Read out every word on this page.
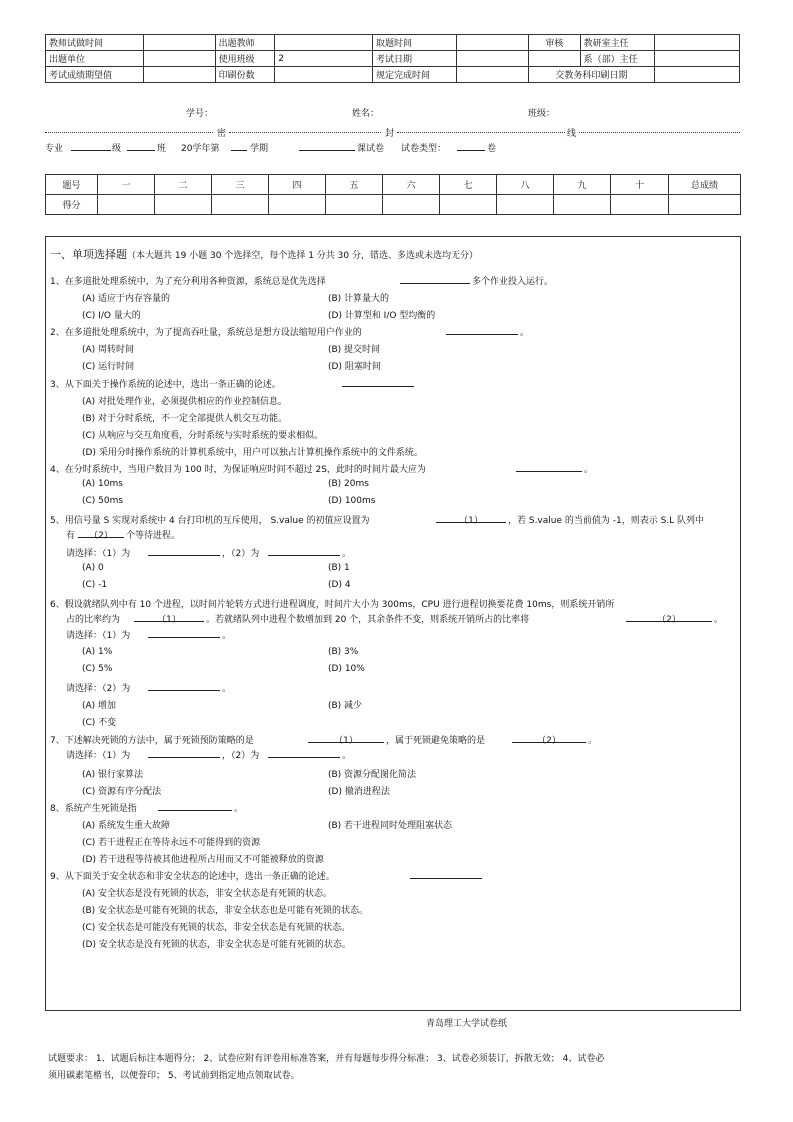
教师试做时间		出题教师		取题时间		审核	教研室主任	
出题单位		使用班级	2	考试日期			系（部）主任	
考试成绩期望值		印刷份数		规定完成时间		交教务科印刷日期		
学号：	姓名：	班级：
密	封	线
专业	级	班 20学年第	学期	课试卷 试卷类型：	卷
题号	一	二	三	四	五	六	七	八	九	十	总成绩
得分											
一、单项选择题（本大题共 19 小题 30 个选择空，每个选择 1 分共 30 分，错选、多选或未选均无分）
1、在多道批处理系统中，为了充分利用各种资源，系统总是优先选择	多个作业投入运行。
(A) 适应于内存容量的	(B) 计算量大的
(C) I/O 量大的	(D) 计算型和 I/O 型均衡的
2、在多道批处理系统中，为了提高吞吐量，系统总是想方设法缩短用户作业的	。
(A) 周转时间	(B) 提交时间
(C) 运行时间	(D) 阻塞时间
3、从下面关于操作系统的论述中，选出一条正确的论述。
(A) 对批处理作业，必须提供相应的作业控制信息。
(B) 对于分时系统，不一定全部提供人机交互功能。
(C) 从响应与交互角度看，分时系统与实时系统的要求相似。
(D) 采用分时操作系统的计算机系统中，用户可以独占计算机操作系统中的文件系统。
4、在分时系统中，当用户数目为 100 时，为保证响应时间不超过 2S，此时的时间片最大应为	。
(A) 10ms	(B) 20ms
(C) 50ms	(D) 100ms
5、用信号量 S 实现对系统中 4 台打印机的互斥使用， S.value 的初值应设置为	（1）	，若 S.value 的当前值为 -1，则表示 S.L 队列中
有	（2）	个等待进程。
请选择：（1）为	，（2）为	。
(A) 0	(B) 1
(C) -1	(D) 4
6、假设就绪队列中有 10 个进程，以时间片轮转方式进行进程调度，时间片大小为 300ms，CPU 进行进程切换要花费 10ms，则系统开销所
占的比率约为	（1）	。若就绪队列中进程个数增加到 20 个，其余条件不变，则系统开销所占的比率将	（2）	。
请选择：（1）为	。
(A) 1%	(B) 3%
(C) 5%	(D) 10%
请选择：（2）为	。
(A) 增加	(B) 减少
(C) 不变
7、下述解决死锁的方法中，属于死锁预防策略的是	（1）	，属于死锁避免策略的是	（2）	。
请选择：（1）为	，（2）为	。
(A) 银行家算法	(B) 资源分配图化简法
(C) 资源有序分配法	(D) 撤消进程法
8、系统产生死锁是指	。
(A) 系统发生重大故障	(B) 若干进程同时处理阻塞状态
(C) 若干进程正在等待永远不可能得到的资源
(D) 若干进程等待被其他进程所占用而又不可能被释放的资源
9、从下面关于安全状态和非安全状态的论述中，选出一条正确的论述。
(A) 安全状态是没有死锁的状态，非安全状态是有死锁的状态。
(B) 安全状态是可能有死锁的状态，非安全状态也是可能有死锁的状态。
(C) 安全状态是可能没有死锁的状态，非安全状态是有死锁的状态。
(D) 安全状态是没有死锁的状态，非安全状态是可能有死锁的状态。
青岛理工大学试卷纸
试题要求： 1、试题后标注本题得分； 2、试卷应附有评卷用标准答案，并有每题每步得分标准； 3、试卷必须装订，拆散无效； 4、试卷必
须用碳素笔楷书，以便誊印； 5、考试前到指定地点领取试卷。
